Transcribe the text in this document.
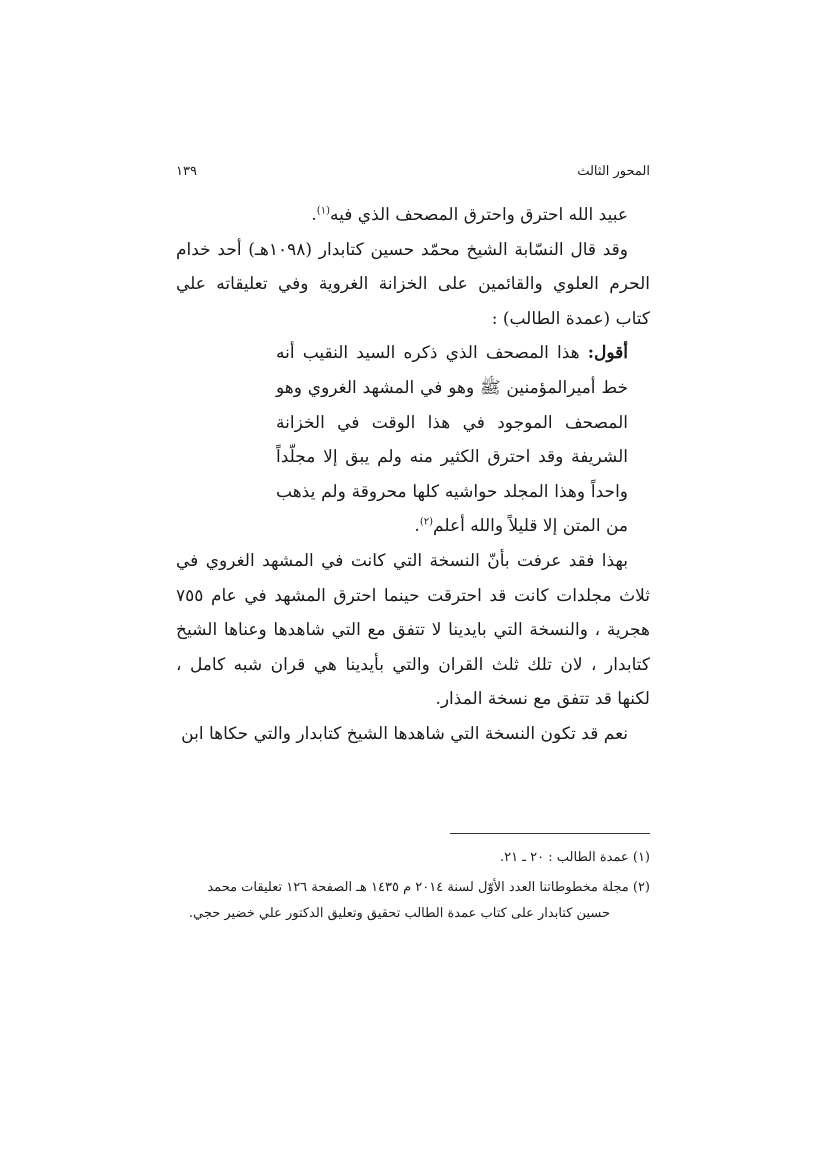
المحور الثالث
١٣٩

عبيد الله احترق واحترق المصحف الذي فيه$^{(١)}$.

وقد قال النسّابة الشيخ محمّد حسين كتابدار (١٠٩٨هـ) أحد خدام الحرم العلوي والقائمين على الخزانة الغروية وفي تعليقاته علي كتاب (عمدة الطالب) :

أقول: هذا المصحف الذي ذكره السيد النقيب أنه خط أميرالمؤمنين ﷺ وهو في المشهد الغروي وهو المصحف الموجود في هذا الوقت في الخزانة الشريفة وقد احترق الكثير منه ولم يبق إلا مجلّداً واحداً وهذا المجلد حواشيه كلها محروقة ولم يذهب من المتن إلا قليلاً والله أعلم$^{(٢)}$.

بهذا فقد عرفت بأنّ النسخة التي كانت في المشهد الغروي في ثلاث مجلدات كانت قد احترقت حينما احترق المشهد في عام ٧٥٥ هجرية ، والنسخة التي بايدينا لا تتفق مع التي شاهدها وعناها الشيخ كتابدار ، لان تلك ثلث القران والتي بأيدينا هي قران شبه كامل ، لكنها قد تتفق مع نسخة المذار.

نعم قد تكون النسخة التي شاهدها الشيخ كتابدار والتي حكاها ابن

(١) عمدة الطالب : ٢٠ ـ ٢١.

(٢) مجلة مخطوطاتنا العدد الأوّل لسنة ٢٠١٤ م ١٤٣٥ هـ الصفحة ١٢٦ تعليقات محمد

حسين كتابدار على كتاب عمدة الطالب تحقيق وتعليق الدكتور علي خضير حجي.
